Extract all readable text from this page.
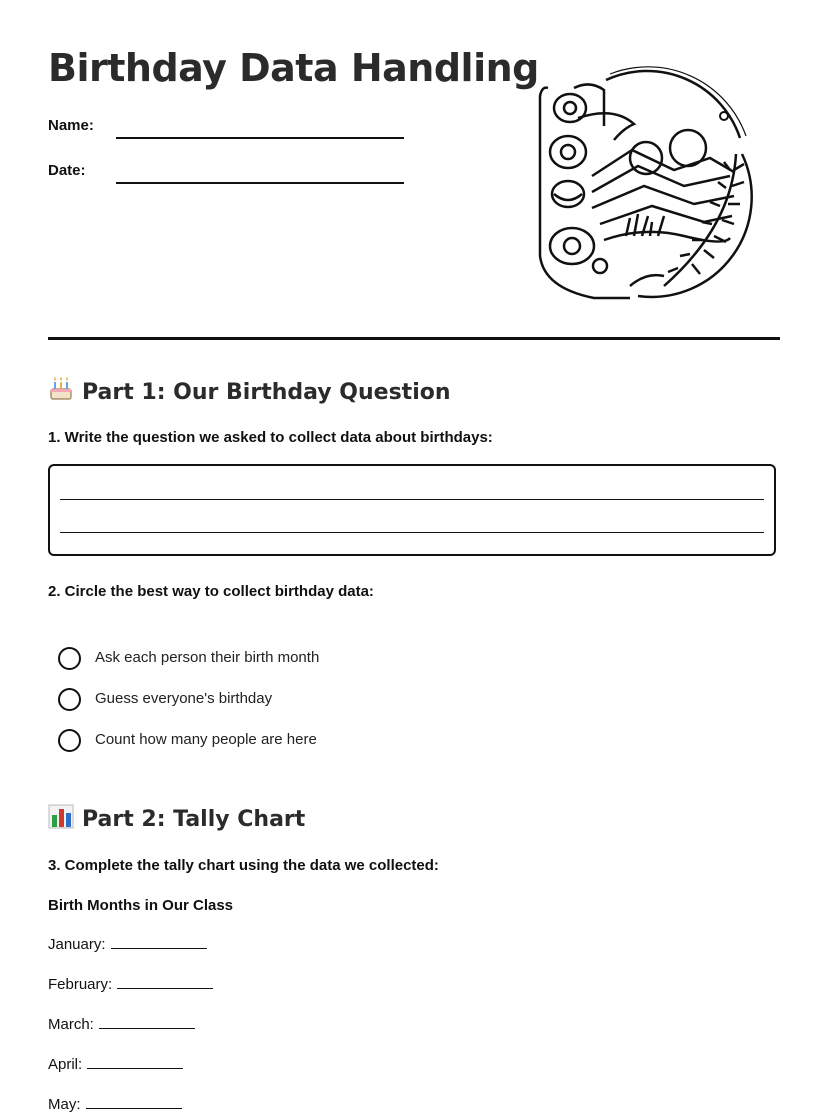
Birthday Data Handling
Name:
Date:
Part 1: Our Birthday Question

1. Write the question we asked to collect data about birthdays:

2. Circle the best way to collect birthday data:

Ask each person their birth month
Guess everyone's birthday
Count how many people are here
Part 2: Tally Chart

3. Complete the tally chart using the data we collected:

Birth Months in Our Class

January:
February:
March:
April:
May:
